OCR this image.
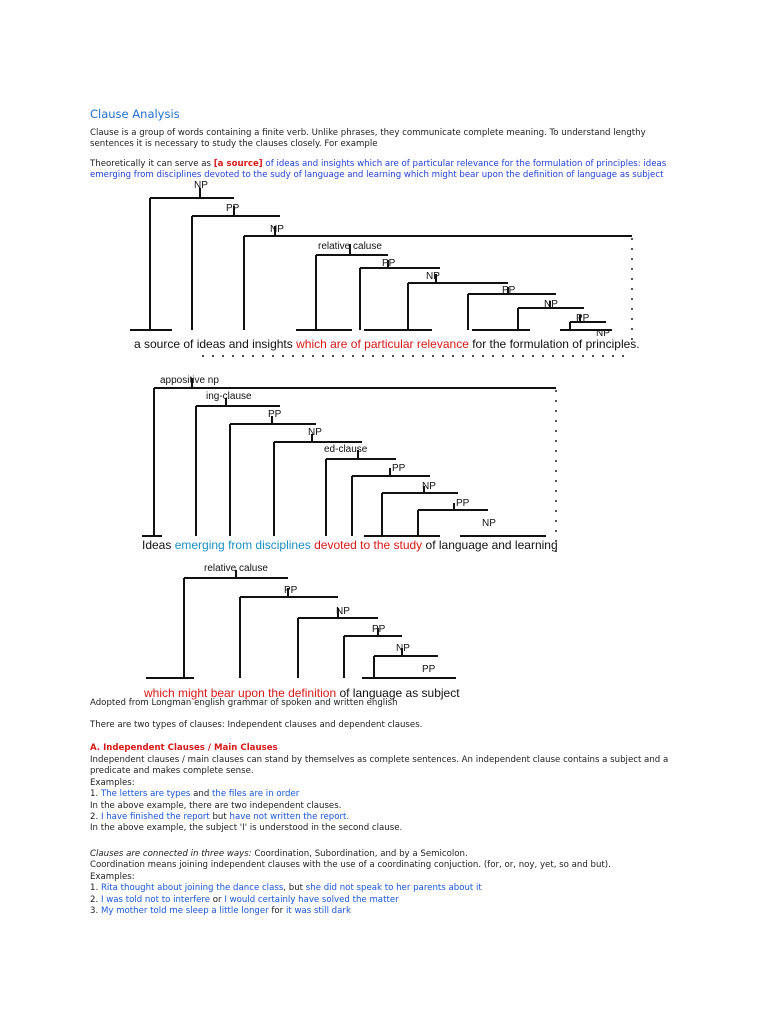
Clause Analysis
Clause is a group of words containing a finite verb. Unlike phrases, they communicate complete meaning. To understand lengthy sentences it is necessary to study the clauses closely. For example
Theoretically it can serve as [a source] of ideas and insights which are of particular relevance for the formulation of principles: ideas emerging from disciplines devoted to the sudy of language and learning which might bear upon the definition of language as subject
NP
PP
NP
relative caluse
PP
NP
PP
NP
PP
NP
a source of ideas and insights which are of particular relevance for the formulation of principles.
appositive np
ing-clause
PP
NP
ed-clause
PP
NP
PP
NP
Ideas emerging from disciplines devoted to the study of language and learning
relative caluse
PP
NP
PP
NP
PP
which might bear upon the definition of language as subject
Adopted from Longman english grammar of spoken and written english
There are two types of clauses: Independent clauses and dependent clauses.
A. Independent Clauses / Main Clauses
Independent clauses / main clauses can stand by themselves as complete sentences. An independent clause contains a subject and a predicate and makes complete sense.
Examples:
1. The letters are types and the files are in order
In the above example, there are two independent clauses.
2. I have finished the report but have not written the report.
In the above example, the subject 'I' is understood in the second clause.
Clauses are connected in three ways: Coordination, Subordination, and by a Semicolon.
Coordination means joining independent clauses with the use of a coordinating conjuction. (for, or, noy, yet, so and but).
Examples:
1. Rita thought about joining the dance class, but she did not speak to her parents about it
2. I was told not to interfere or I would certainly have solved the matter
3. My mother told me sleep a little longer for it was still dark
